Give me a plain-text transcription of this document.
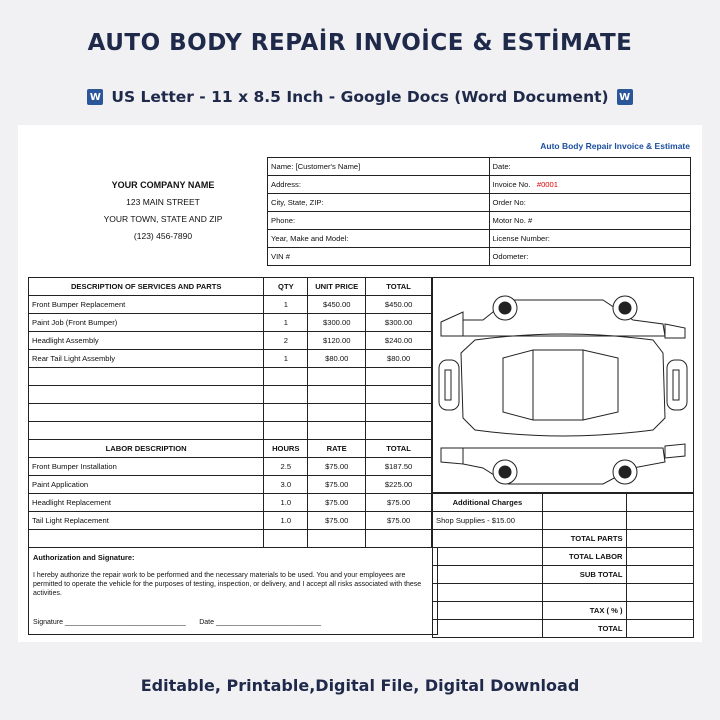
AUTO BODY REPAİR INVOİCE & ESTİMATE
W US Letter - 11 x 8.5 Inch - Google Docs (Word Document) W
Auto Body Repair Invoice & Estimate
YOUR COMPANY NAME
123 MAIN STREET
YOUR TOWN, STATE AND ZIP
(123) 456-7890
Name: [Customer's Name]	Date:
Address:	Invoice No. #0001
City, State, ZIP:	Order No:
Phone:	Motor No. #
Year, Make and Model:	License Number:
VIN #	Odometer:
DESCRIPTION OF SERVICES AND PARTS	QTY	UNIT PRICE	TOTAL
Front Bumper Replacement	1	$450.00	$450.00
Paint Job (Front Bumper)	1	$300.00	$300.00
Headlight Assembly	2	$120.00	$240.00
Rear Tail Light Assembly	1	$80.00	$80.00

LABOR DESCRIPTION	HOURS	RATE	TOTAL
Front Bumper Installation	2.5	$75.00	$187.50
Paint Application	3.0	$75.00	$225.00
Headlight Replacement	1.0	$75.00	$75.00
Tail Light Replacement	1.0	$75.00	$75.00

Authorization and Signature:
I hereby authorize the repair work to be performed and the necessary materials to be used. You and your employees are permitted to operate the vehicle for the purposes of testing, inspection, or delivery, and I accept all risks associated with these activities.
Signature _______________________________       Date ___________________________
Additional Charges		
Shop Supplies - $15.00		
	TOTAL PARTS	
	TOTAL LABOR	
	SUB TOTAL	

	TAX ( % )	
	TOTAL	
Editable, Printable,Digital File, Digital Download
